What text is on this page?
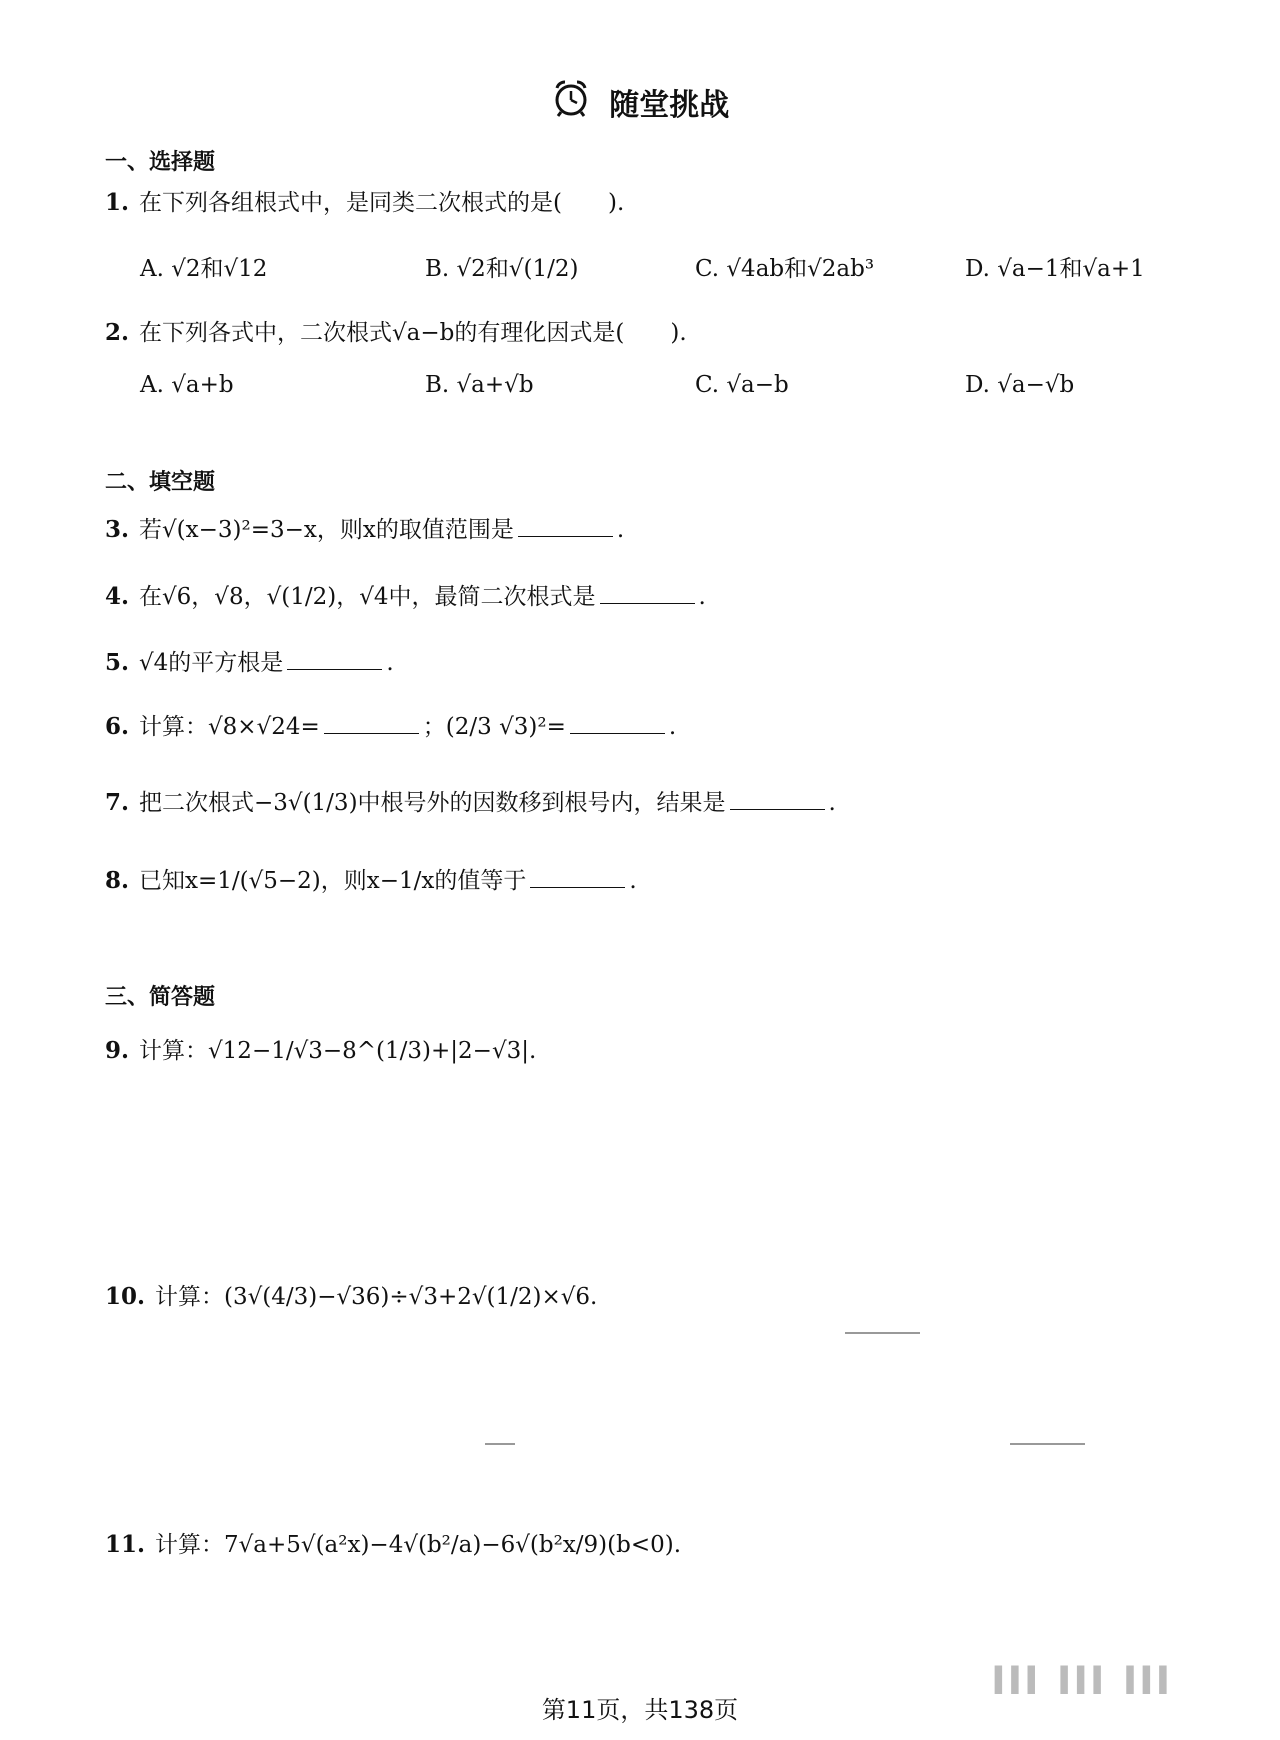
随堂挑战
一、选择题
1. 在下列各组根式中，是同类二次根式的是(　　).
A. √2和√12	B. √2和√(1/2)	C. √4ab和√2ab³	D. √a−1和√a+1
2. 在下列各式中，二次根式√a−b的有理化因式是(　　).
A. √a+b	B. √a+√b	C. √a−b	D. √a−√b
二、填空题
3. 若√(x−3)²=3−x，则x的取值范围是	.
4. 在√6，√8，√(1/2)，√4中，最简二次根式是	.
5. √4的平方根是	.
6. 计算：√8×√24=	；(2/3 √3)²=	.
7. 把二次根式−3√(1/3)中根号外的因数移到根号内，结果是	.
8. 已知x=1/(√5−2)，则x−1/x的值等于	.
三、简答题
9. 计算：√12−1/√3−8^(1/3)+|2−√3|.
10. 计算：(3√(4/3)−√36)÷√3+2√(1/2)×√6.
11. 计算：7√a+5√(a²x)−4√(b²/a)−6√(b²x/9)(b<0).
▌▌▌ ▌▌▌ ▌▌▌
第11页，共138页
